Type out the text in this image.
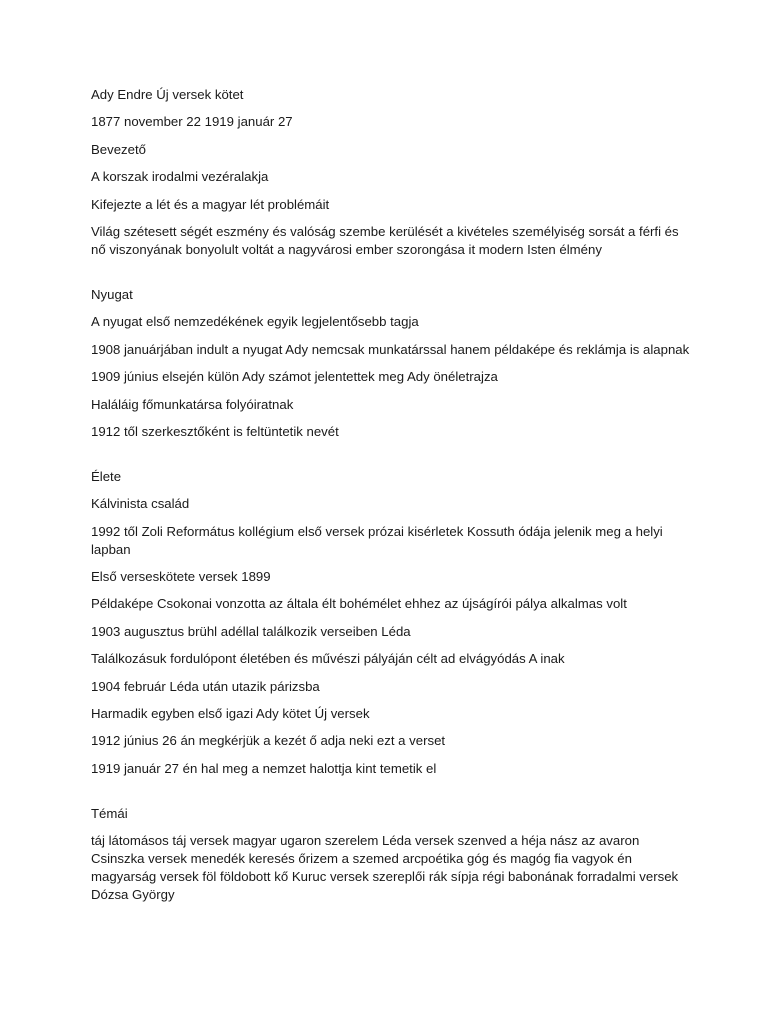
Ady Endre Új versek kötet

1877 november 22 1919 január 27

Bevezető

A korszak irodalmi vezéralakja

Kifejezte a lét és a magyar lét problémáit

Világ szétesett ségét eszmény és valóság szembe kerülését a kivételes személyiség sorsát a férfi és nő viszonyának bonyolult voltát a nagyvárosi ember szorongása it modern Isten élmény

Nyugat

A nyugat első nemzedékének egyik legjelentősebb tagja

1908 januárjában indult a nyugat Ady nemcsak munkatárssal hanem példaképe és reklámja is alapnak

1909 június elsején külön Ady számot jelentettek meg Ady önéletrajza

Haláláig főmunkatársa folyóiratnak

1912 től szerkesztőként is feltüntetik nevét

Élete

Kálvinista család

1992 től Zoli Református kollégium első versek prózai kisérletek Kossuth ódája jelenik meg a helyi lapban

Első verseskötete versek 1899

Példaképe Csokonai vonzotta az általa élt bohémélet ehhez az újságírói pálya alkalmas volt

1903 augusztus brühl adéllal találkozik verseiben Léda

Találkozásuk fordulópont életében és művészi pályáján célt ad elvágyódás A inak

1904 február Léda után utazik párizsba

Harmadik egyben első igazi Ady kötet Új versek

1912 június 26 án megkérjük a kezét ő adja neki ezt a verset

1919 január 27 én hal meg a nemzet halottja kint temetik el

Témái

táj látomásos táj versek magyar ugaron szerelem Léda versek szenved a héja nász az avaron Csinszka versek menedék keresés őrizem a szemed arcpoétika góg és magóg fia vagyok én magyarság versek föl földobott kő Kuruc versek szereplői rák sípja régi babonának forradalmi versek Dózsa György
